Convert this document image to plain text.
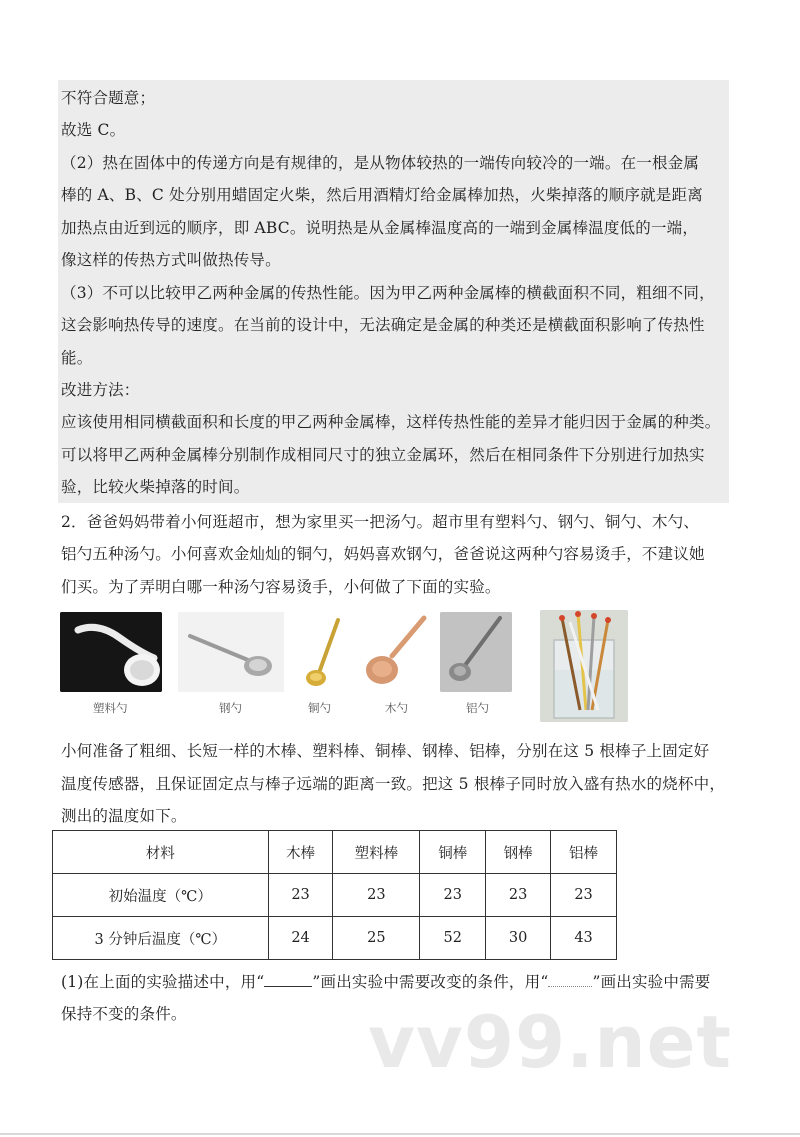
不符合题意；
故选 C。
（2）热在固体中的传递方向是有规律的，是从物体较热的一端传向较冷的一端。在一根金属
棒的 A、B、C 处分别用蜡固定火柴，然后用酒精灯给金属棒加热，火柴掉落的顺序就是距离
加热点由近到远的顺序，即 ABC。说明热是从金属棒温度高的一端到金属棒温度低的一端，
像这样的传热方式叫做热传导。
（3）不可以比较甲乙两种金属的传热性能。因为甲乙两种金属棒的横截面积不同，粗细不同，
这会影响热传导的速度。在当前的设计中，无法确定是金属的种类还是横截面积影响了传热性
能。
改进方法：
应该使用相同横截面积和长度的甲乙两种金属棒，这样传热性能的差异才能归因于金属的种类。
可以将甲乙两种金属棒分别制作成相同尺寸的独立金属环，然后在相同条件下分别进行加热实
验，比较火柴掉落的时间。
2．爸爸妈妈带着小何逛超市，想为家里买一把汤勺。超市里有塑料勺、钢勺、铜勺、木勺、
铝勺五种汤勺。小何喜欢金灿灿的铜勺，妈妈喜欢钢勺，爸爸说这两种勺容易烫手，不建议她
们买。为了弄明白哪一种汤勺容易烫手，小何做了下面的实验。
塑料勺	钢勺	铜勺	木勺	铝勺
小何准备了粗细、长短一样的木棒、塑料棒、铜棒、钢棒、铝棒，分别在这 5 根棒子上固定好
温度传感器，且保证固定点与棒子远端的距离一致。把这 5 根棒子同时放入盛有热水的烧杯中，
测出的温度如下。
材料	木棒	塑料棒	铜棒	钢棒	铝棒
初始温度（℃）	23	23	23	23	23
3 分钟后温度（℃）	24	25	52	30	43
(1)在上面的实验描述中，用“	”画出实验中需要改变的条件，用“	”画出实验中需要
保持不变的条件。	vv99.net
